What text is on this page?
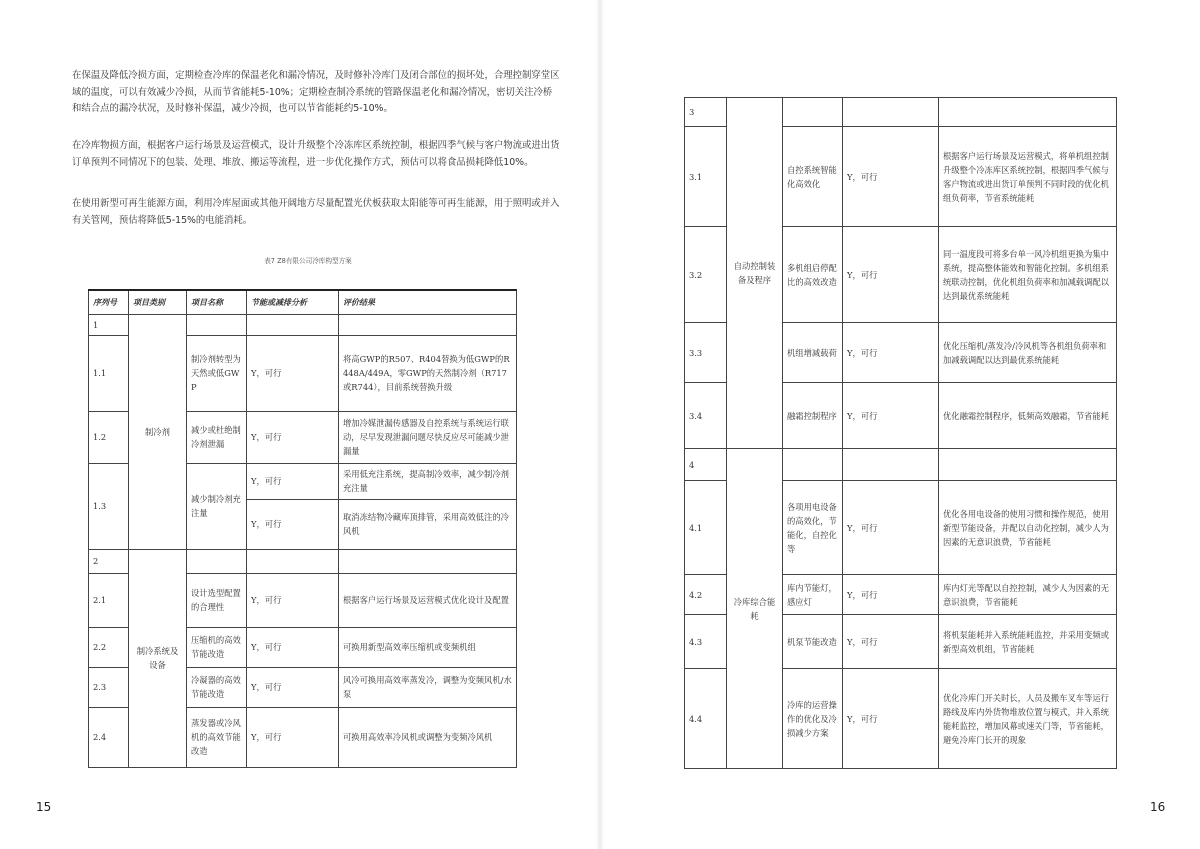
在保温及降低冷损方面，定期检查冷库的保温老化和漏冷情况，及时修补冷库门及闭合部位的损坏处，合理控制穿堂区域的温度，可以有效减少冷损，从而节省能耗5-10%；定期检查制冷系统的管路保温老化和漏冷情况，密切关注冷桥和结合点的漏冷状况，及时修补保温，减少冷损，也可以节省能耗约5-10%。

在冷库物损方面，根据客户运行场景及运营模式，设计升级整个冷冻库区系统控制，根据四季气候与客户物流或进出货订单预判不同情况下的包装、处理、堆放、搬运等流程，进一步优化操作方式，预估可以将食品损耗降低10%。

在使用新型可再生能源方面，利用冷库屋面或其他开阔地方尽量配置光伏板获取太阳能等可再生能源，用于照明或并入有关管网，预估将降低5-15%的电能消耗。

表7 Z8有限公司冷库构型方案
序列号	项目类别	项目名称	节能或减排分析	评价结果
1	制冷剂			
1.1		制冷剂转型为天然或低GWP	Y，可行	将高GWP的R507、R404替换为低GWP的R448A/449A，零GWP的天然制冷剂（R717或R744），目前系统替换升级
1.2		减少或杜绝制冷剂泄漏	Y，可行	增加冷媒泄漏传感器及自控系统与系统运行联动，尽早发现泄漏问题尽快反应尽可能减少泄漏量
1.3		减少制冷剂充注量	Y，可行	采用低充注系统，提高制冷效率，减少制冷剂充注量
			Y，可行	取消冻结物冷藏库顶排管，采用高效低注的冷风机
2	制冷系统及设备			
2.1		设计选型配置的合理性	Y，可行	根据客户运行场景及运营模式优化设计及配置
2.2		压缩机的高效节能改造	Y，可行	可换用新型高效率压缩机或变频机组
2.3		冷凝器的高效节能改造	Y，可行	风冷可换用高效率蒸发冷，调整为变频风机/水泵
2.4		蒸发器或冷风机的高效节能改造	Y，可行	可换用高效率冷风机或调整为变频冷风机
15
3	自动控制装备及程序			
3.1		自控系统智能化高效化	Y，可行	根据客户运行场景及运营模式，将单机组控制升级整个冷冻库区系统控制，根据四季气候与客户物流或进出货订单预判不同时段的优化机组负荷率，节省系统能耗
3.2		多机组启停配比的高效改造	Y，可行	同一温度段可将多台单一风冷机组更换为集中系统，提高整体能效和智能化控制。多机组系统联动控制，优化机组负荷率和加减载调配以达到最优系统能耗
3.3		机组增减载荷	Y，可行	优化压缩机/蒸发冷/冷风机等各机组负荷率和加减载调配以达到最优系统能耗
3.4		融霜控制程序	Y，可行	优化融霜控制程序，低频高效融霜，节省能耗
4	冷库综合能耗			
4.1		各项用电设备的高效化，节能化，自控化等	Y，可行	优化各用电设备的使用习惯和操作规范，使用新型节能设备，并配以自动化控制，减少人为因素的无意识浪费，节省能耗
4.2		库内节能灯，感应灯	Y，可行	库内灯光等配以自控控制，减少人为因素的无意识浪费，节省能耗
4.3		机泵节能改造	Y，可行	将机泵能耗并入系统能耗监控，并采用变频或新型高效机组，节省能耗
4.4		冷库的运营操作的优化及冷损减少方案	Y，可行	优化冷库门开关时长，人员及搬车叉车等运行路线及库内外货物堆放位置与模式，并入系统能耗监控，增加风幕或速关门等，节省能耗，避免冷库门长开的现象
16
